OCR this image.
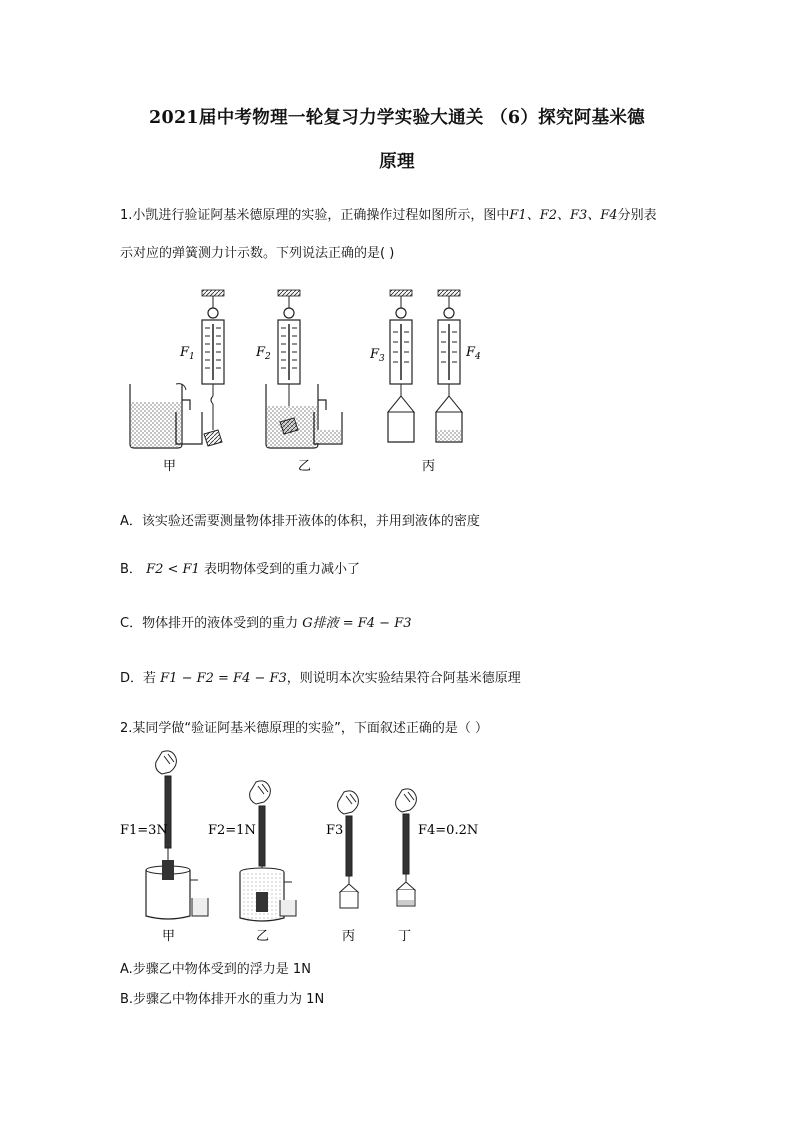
2021届中考物理一轮复习力学实验大通关 （6）探究阿基米德
原理
1.小凯进行验证阿基米德原理的实验，正确操作过程如图所示，图中F1、F2、F3、F4分别表
示对应的弹簧测力计示数。下列说法正确的是( )
$F_1$
甲
$F_2$
乙
$F_3$	$F_4$
丙
A．该实验还需要测量物体排开液体的体积，并用到液体的密度
B． F2 < F1 表明物体受到的重力减小了
C．物体排开的液体受到的重力 G排液 = F4 − F3
D．若 F1 − F2 = F4 − F3，则说明本次实验结果符合阿基米德原理
2.某同学做“验证阿基米德原理的实验”，下面叙述正确的是（ ）
F1=3N
甲
F2=1N
乙
F3
丙
F4=0.2N
丁
A.步骤乙中物体受到的浮力是 1N
B.步骤乙中物体排开水的重力为 1N
